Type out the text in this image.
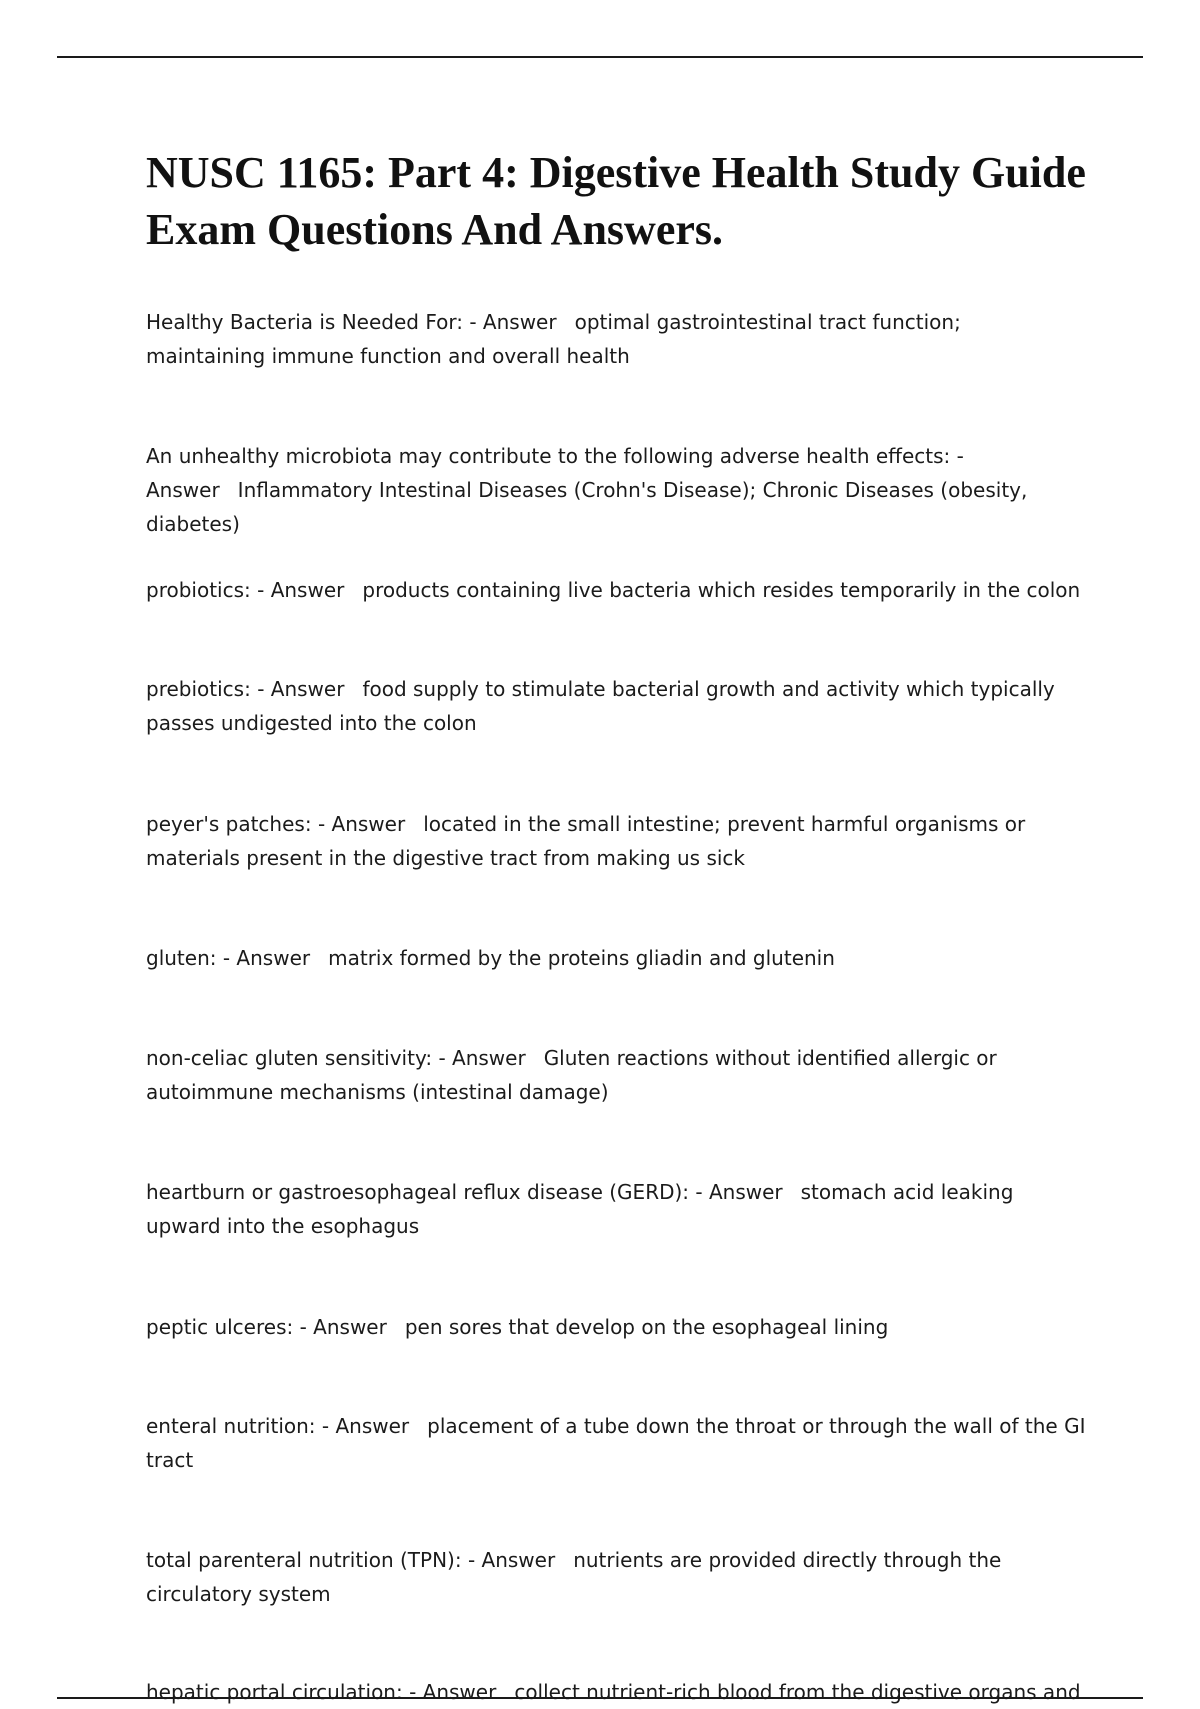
NUSC 1165: Part 4: Digestive Health Study Guide Exam Questions And Answers.

Healthy Bacteria is Needed For: - Answer optimal gastrointestinal tract function; maintaining immune function and overall health

An unhealthy microbiota may contribute to the following adverse health effects: - Answer Inflammatory Intestinal Diseases (Crohn's Disease); Chronic Diseases (obesity, diabetes)

probiotics: - Answer products containing live bacteria which resides temporarily in the colon

prebiotics: - Answer food supply to stimulate bacterial growth and activity which typically passes undigested into the colon

peyer's patches: - Answer located in the small intestine; prevent harmful organisms or materials present in the digestive tract from making us sick

gluten: - Answer matrix formed by the proteins gliadin and glutenin

non-celiac gluten sensitivity: - Answer Gluten reactions without identified allergic or autoimmune mechanisms (intestinal damage)

heartburn or gastroesophageal reflux disease (GERD): - Answer stomach acid leaking upward into the esophagus

peptic ulceres: - Answer pen sores that develop on the esophageal lining

enteral nutrition: - Answer placement of a tube down the throat or through the wall of the GI tract

total parenteral nutrition (TPN): - Answer nutrients are provided directly through the circulatory system

hepatic portal circulation: - Answer collect nutrient-rich blood from the digestive organs and
